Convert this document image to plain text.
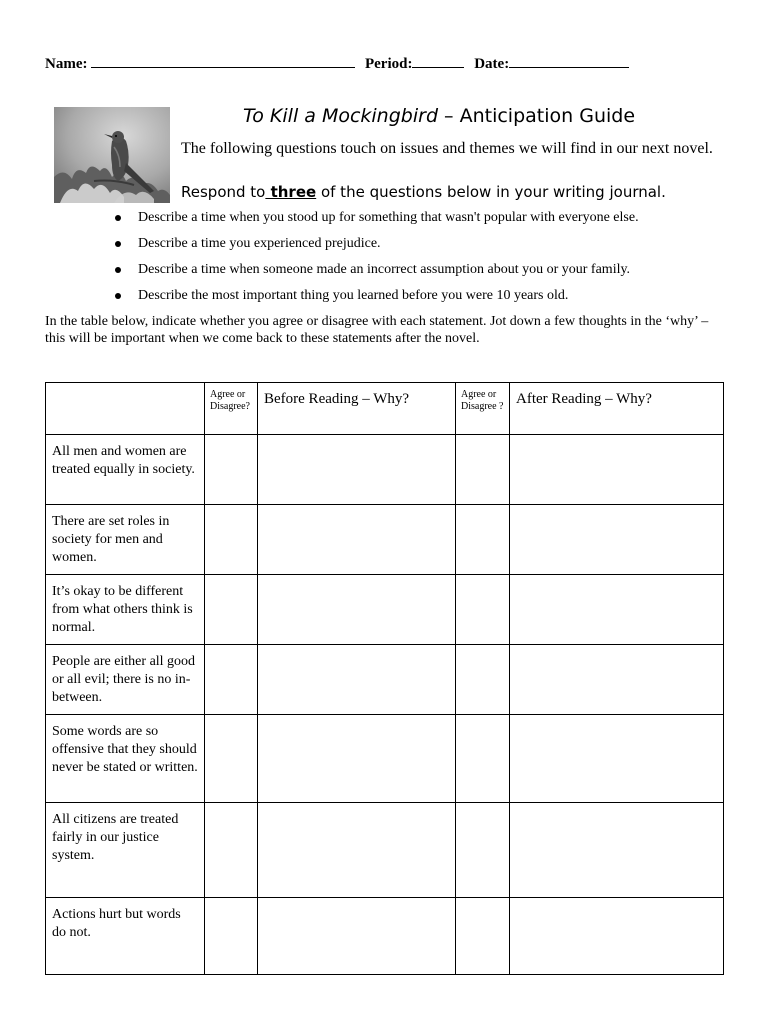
Name:	Period:	Date:
To Kill a Mockingbird – Anticipation Guide
The following questions touch on issues and themes we will find in our next novel.
Respond to three of the questions below in your writing journal.
Describe a time when you stood up for something that wasn't popular with everyone else.
Describe a time you experienced prejudice.
Describe a time when someone made an incorrect assumption about you or your family.
Describe the most important thing you learned before you were 10 years old.
In the table below, indicate whether you agree or disagree with each statement. Jot down a few thoughts in the ‘why’ – this will be important when we come back to these statements after the novel.
	Agree or Disagree?	Before Reading – Why?	Agree or Disagree ?	After Reading – Why?
All men and women are treated equally in society.				
There are set roles in society for men and women.				
It’s okay to be different from what others think is normal.				
People are either all good or all evil; there is no in-between.				
Some words are so offensive that they should never be stated or written.				
All citizens are treated fairly in our justice system.				
Actions hurt but words do not.				
